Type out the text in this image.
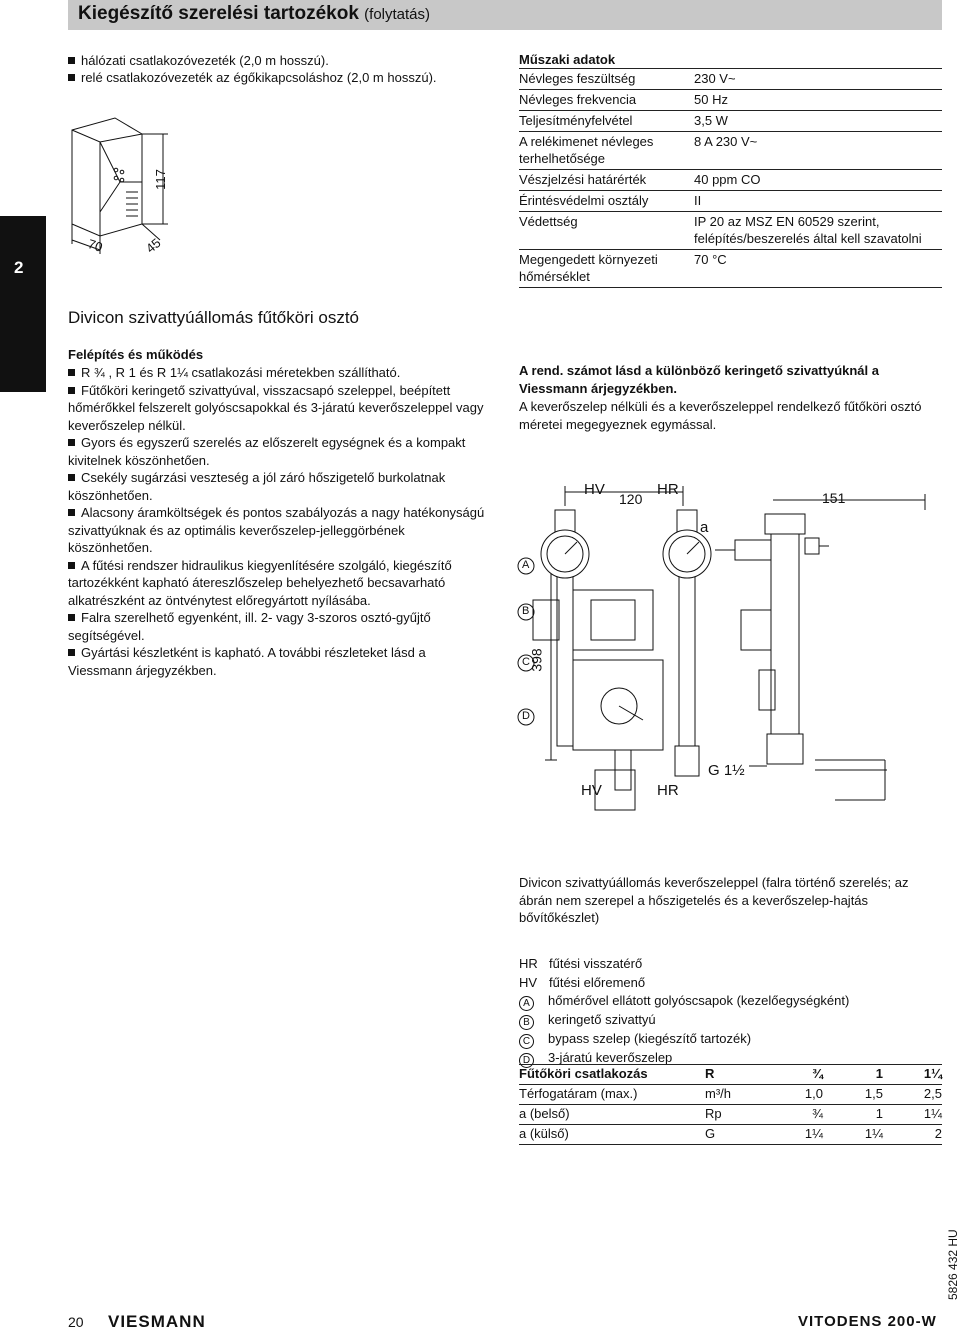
Kiegészítő szerelési tartozékok (folytatás)
2
hálózati csatlakozóvezeték (2,0 m hosszú).
relé csatlakozóvezeték az égőkikapcsoláshoz (2,0 m hosszú).
70	45
117
Műszaki adatok
Névleges feszültség	230 V~
Névleges frekvencia	50 Hz
Teljesítményfelvétel	3,5 W
A relékimenet névleges terhelhetősége	8 A 230 V~
Vészjelzési határérték	40 ppm CO
Érintésvédelmi osztály	II
Védettség	IP 20 az MSZ EN 60529 szerint, felépítés/beszerelés által kell szavatolni
Megengedett környezeti hőmérséklet	70 °C
Divicon szivattyúállomás fűtőköri osztó
Felépítés és működés
R ¾ , R 1 és R 1¼ csatlakozási méretekben szállítható.
Fűtőköri keringető szivattyúval, visszacsapó szeleppel, beépített hőmérőkkel felszerelt golyóscsapokkal és 3-járatú keverőszeleppel vagy keverőszelep nélkül.
Gyors és egyszerű szerelés az előszerelt egységnek és a kompakt kivitelnek köszönhetően.
Csekély sugárzási veszteség a jól záró hőszigetelő burkolatnak köszönhetően.
Alacsony áramköltségek és pontos szabályozás a nagy hatékonyságú szivattyúknak és az optimális keverőszelep-jelleggörbének köszönhetően.
A fűtési rendszer hidraulikus kiegyenlítésére szolgáló, kiegészítő tartozékként kapható átereszlőszelep behelyezhető becsavarható alkatrészként az öntvénytest előregyártott nyílásába.
Falra szerelhető egyenként, ill. 2- vagy 3-szoros osztó-gyűjtő segítségével.
Gyártási készletként is kapható. A további részleteket lásd a Viessmann árjegyzékben.
A rend. számot lásd a különböző keringető szivattyúknál a Viessmann árjegyzékben.
A keverőszelep nélküli és a keverőszeleppel rendelkező fűtőköri osztó méretei megegyeznek egymással.
A
B
C
D
a
HV	HR
120	151
398
G 1½
HV	HR
Divicon szivattyúállomás keverőszeleppel (falra történő szerelés; az ábrán nem szerepel a hőszigetelés és a keverőszelep-hajtás bővítőkészlet)
HR fűtési visszatérő
HV fűtési előremenő
A hőmérővel ellátott golyóscsapok (kezelőegységként)
B keringető szivattyú
C bypass szelep (kiegészítő tartozék)
D 3-járatú keverőszelep
Fűtőköri csatlakozás	R	¾	1	1¼
Térfogatáram (max.)	m³/h	1,0	1,5	2,5
a (belső)	Rp	¾	1	1¼
a (külső)	G	1¼	1¼	2
20 VIESMANN	VITODENS 200-W
5826 432 HU
